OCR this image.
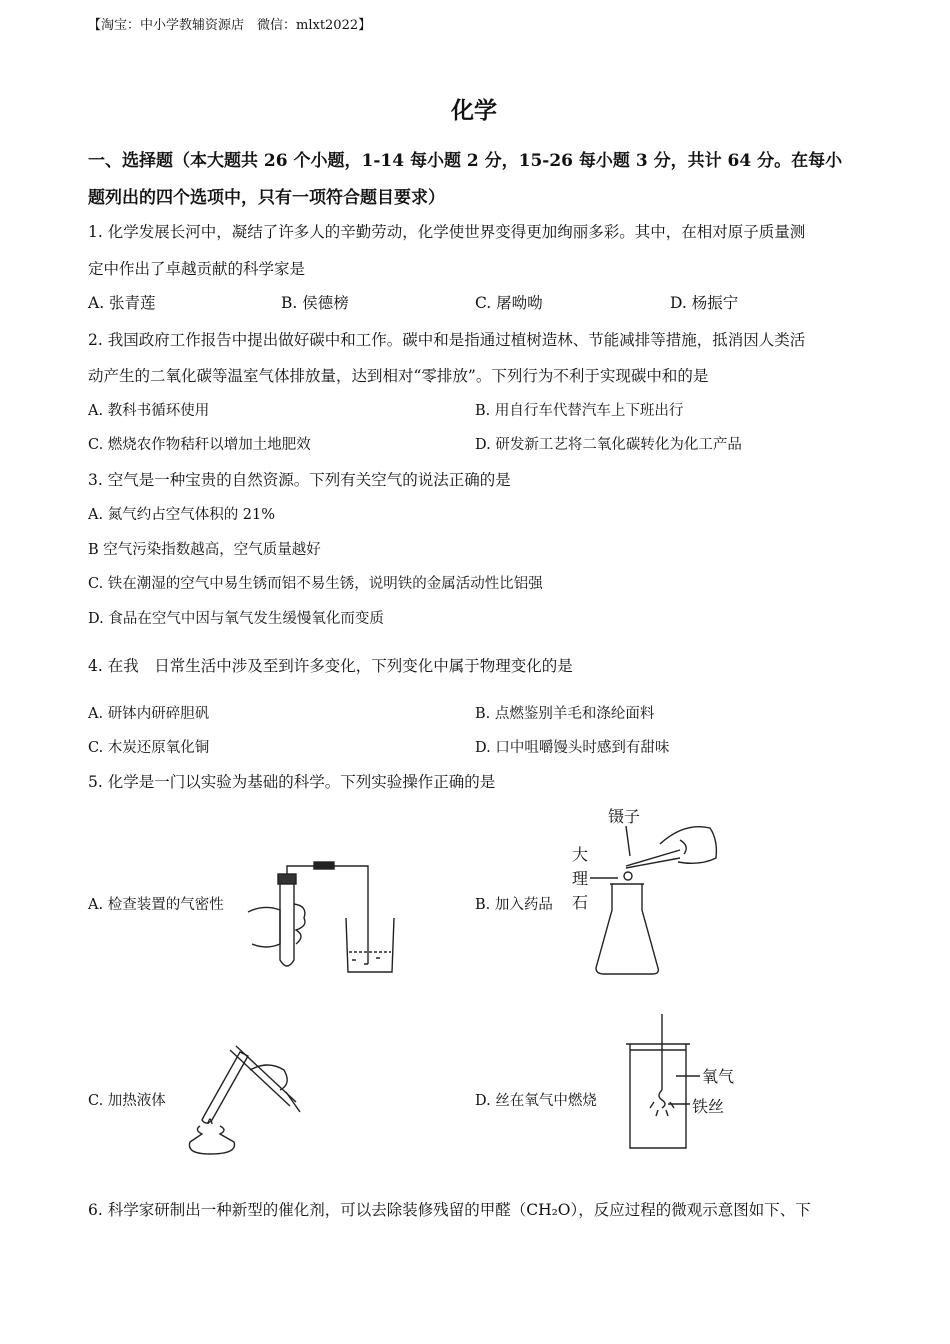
【淘宝：中小学教辅资源店　微信：mlxt2022】
化学
一、选择题（本大题共 26 个小题，1-14 每小题 2 分，15-26 每小题 3 分，共计 64 分。在每小
题列出的四个选项中，只有一项符合题目要求）
1. 化学发展长河中，凝结了许多人的辛勤劳动，化学使世界变得更加绚丽多彩。其中，在相对原子质量测
定中作出了卓越贡献的科学家是
A. 张青莲	B. 侯德榜	C. 屠呦呦	D. 杨振宁
2. 我国政府工作报告中提出做好碳中和工作。碳中和是指通过植树造林、节能减排等措施，抵消因人类活
动产生的二氧化碳等温室气体排放量，达到相对“零排放”。下列行为不利于实现碳中和的是
A. 教科书循环使用	B. 用自行车代替汽车上下班出行
C. 燃烧农作物秸秆以增加土地肥效	D. 研发新工艺将二氧化碳转化为化工产品
3. 空气是一种宝贵的自然资源。下列有关空气的说法正确的是
A. 氮气约占空气体积的 21%
B 空气污染指数越高，空气质量越好
C. 铁在潮湿的空气中易生锈而铝不易生锈，说明铁的金属活动性比铝强
D. 食品在空气中因与氧气发生缓慢氧化而变质
4. 在我　日常生活中涉及至到许多变化，下列变化中属于物理变化的是
A. 研钵内研碎胆矾	B. 点燃鉴别羊毛和涤纶面料
C. 木炭还原氧化铜	D. 口中咀嚼馒头时感到有甜味
5. 化学是一门以实验为基础的科学。下列实验操作正确的是
A. 检查装置的气密性	B. 加入药品
C. 加热液体	D. 丝在氧气中燃烧
镊子
大
理
石
氧气
铁丝
6. 科学家研制出一种新型的催化剂，可以去除装修残留的甲醛（CH₂O），反应过程的微观示意图如下、下
